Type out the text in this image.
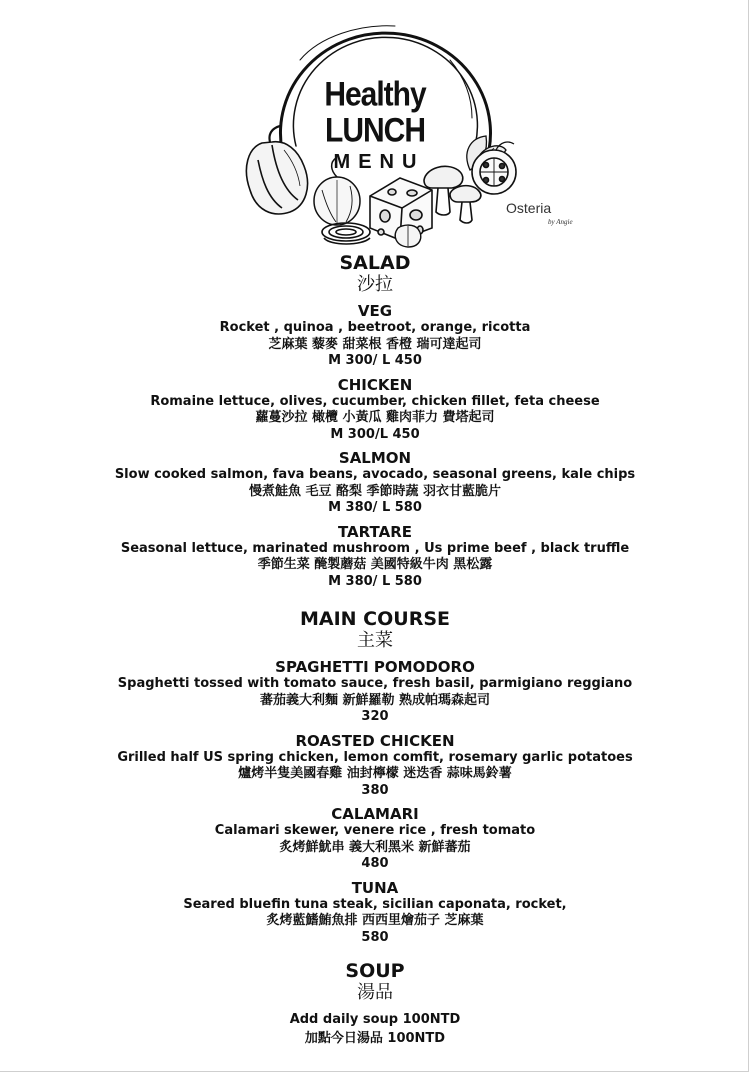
Healthy
LUNCH
MENU
Osteria
by Angie
SALAD
沙拉
VEG
Rocket , quinoa , beetroot, orange, ricotta
芝麻葉 藜麥 甜菜根 香橙 瑞可達起司
M 300/ L 450
CHICKEN
Romaine lettuce, olives, cucumber, chicken fillet, feta cheese
蘿蔓沙拉 橄欖 小黃瓜 雞肉菲力 費塔起司
M 300/L 450
SALMON
Slow cooked salmon, fava beans, avocado, seasonal greens, kale chips
慢煮鮭魚 毛豆 酪梨 季節時蔬 羽衣甘藍脆片
M 380/ L 580
TARTARE
Seasonal lettuce, marinated mushroom , Us prime beef , black truffle
季節生菜 醃製蘑菇 美國特級牛肉 黑松露
M 380/ L 580
MAIN COURSE
主菜
SPAGHETTI POMODORO
Spaghetti tossed with tomato sauce, fresh basil, parmigiano reggiano
蕃茄義大利麵 新鮮羅勒 熟成帕瑪森起司
320
ROASTED CHICKEN
Grilled half US spring chicken, lemon comfit, rosemary garlic potatoes
爐烤半隻美國春雞 油封檸檬 迷迭香 蒜味馬鈴薯
380
CALAMARI
Calamari skewer, venere rice , fresh tomato
炙烤鮮魷串 義大利黑米 新鮮蕃茄
480
TUNA
Seared bluefin tuna steak, sicilian caponata, rocket,
炙烤藍鰭鮪魚排 西西里燴茄子 芝麻葉
580
SOUP
湯品
Add daily soup 100NTD
加點今日湯品 100NTD
